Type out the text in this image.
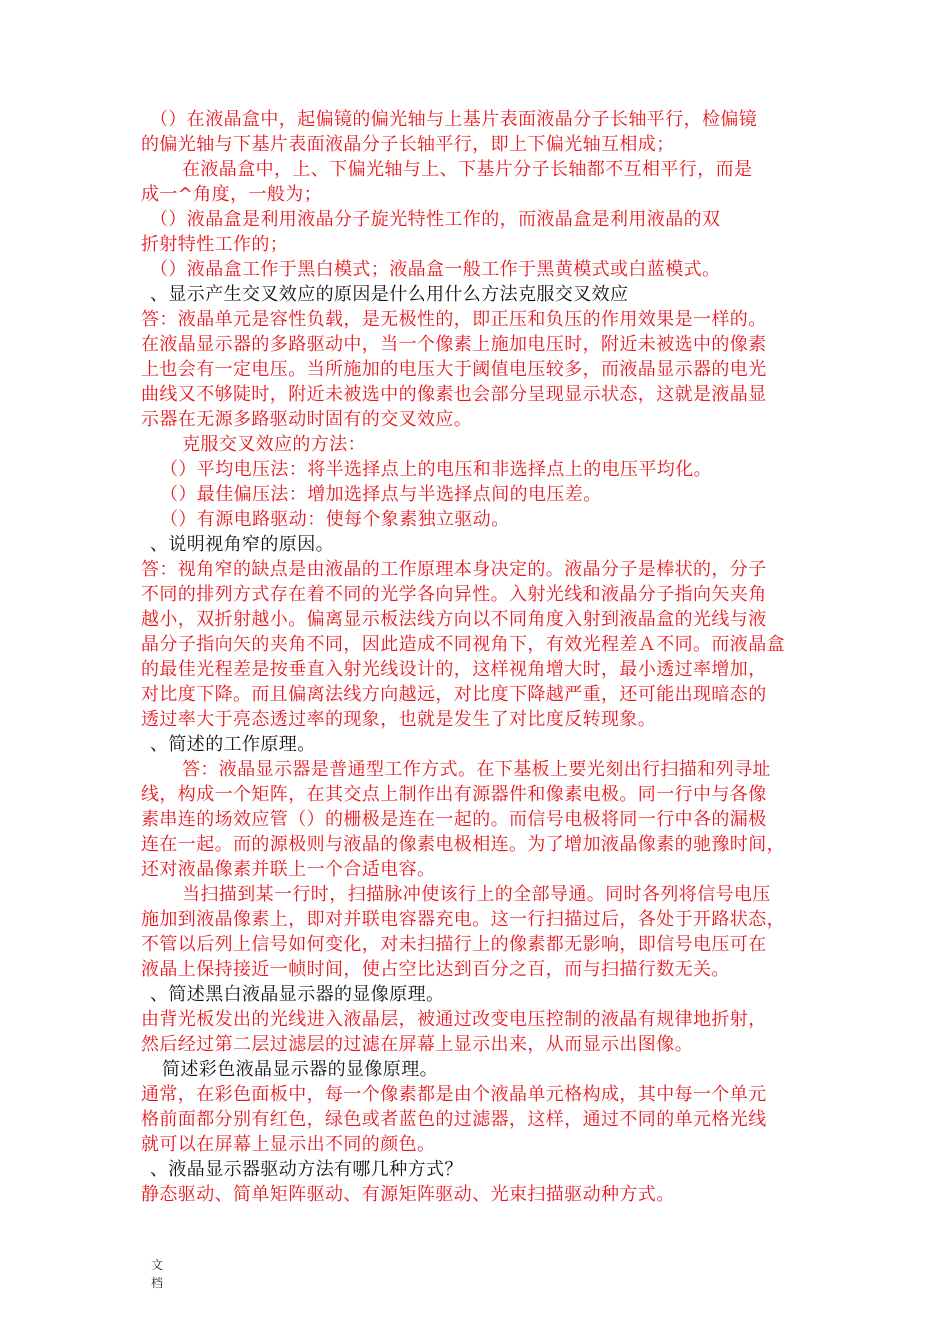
（）在液晶盒中，起偏镜的偏光轴与上基片表面液晶分子长轴平行，检偏镜
的偏光轴与下基片表面液晶分子长轴平行，即上下偏光轴互相成；
在液晶盒中，上、下偏光轴与上、下基片分子长轴都不互相平行，而是
成一^角度，一般为；
（）液晶盒是利用液晶分子旋光特性工作的，而液晶盒是利用液晶的双
折射特性工作的；
（）液晶盒工作于黑白模式；液晶盒一般工作于黑黄模式或白蓝模式。
、显示产生交叉效应的原因是什么用什么方法克服交叉效应
答：液晶单元是容性负载，是无极性的，即正压和负压的作用效果是一样的。
在液晶显示器的多路驱动中，当一个像素上施加电压时，附近未被选中的像素
上也会有一定电压。当所施加的电压大于阈值电压较多，而液晶显示器的电光
曲线又不够陡时，附近未被选中的像素也会部分呈现显示状态，这就是液晶显
示器在无源多路驱动时固有的交叉效应。
克服交叉效应的方法：
（）平均电压法：将半选择点上的电压和非选择点上的电压平均化。
（）最佳偏压法：增加选择点与半选择点间的电压差。
（）有源电路驱动：使每个象素独立驱动。
、说明视角窄的原因。
答：视角窄的缺点是由液晶的工作原理本身决定的。液晶分子是棒状的，分子
不同的排列方式存在着不同的光学各向异性。入射光线和液晶分子指向矢夹角
越小，双折射越小。偏离显示板法线方向以不同角度入射到液晶盒的光线与液
晶分子指向矢的夹角不同，因此造成不同视角下，有效光程差Ａ不同。而液晶盒
的最佳光程差是按垂直入射光线设计的，这样视角增大时，最小透过率增加，
对比度下降。而且偏离法线方向越远，对比度下降越严重，还可能出现暗态的
透过率大于亮态透过率的现象，也就是发生了对比度反转现象。
、简述的工作原理。
答：液晶显示器是普通型工作方式。在下基板上要光刻出行扫描和列寻址
线，构成一个矩阵，在其交点上制作出有源器件和像素电极。同一行中与各像
素串连的场效应管（）的栅极是连在一起的。而信号电极将同一行中各的漏极
连在一起。而的源极则与液晶的像素电极相连。为了增加液晶像素的驰豫时间，
还对液晶像素并联上一个合适电容。
当扫描到某一行时，扫描脉冲使该行上的全部导通。同时各列将信号电压
施加到液晶像素上，即对并联电容器充电。这一行扫描过后，各处于开路状态，
不管以后列上信号如何变化，对未扫描行上的像素都无影响，即信号电压可在
液晶上保持接近一帧时间，使占空比达到百分之百，而与扫描行数无关。
、简述黑白液晶显示器的显像原理。
由背光板发出的光线进入液晶层，被通过改变电压控制的液晶有规律地折射，
然后经过第二层过滤层的过滤在屏幕上显示出来，从而显示出图像。
简述彩色液晶显示器的显像原理。
通常，在彩色面板中，每一个像素都是由个液晶单元格构成，其中每一个单元
格前面都分别有红色，绿色或者蓝色的过滤器，这样，通过不同的单元格光线
就可以在屏幕上显示出不同的颜色。
、液晶显示器驱动方法有哪几种方式？
静态驱动、简单矩阵驱动、有源矩阵驱动、光束扫描驱动种方式。
文
档
